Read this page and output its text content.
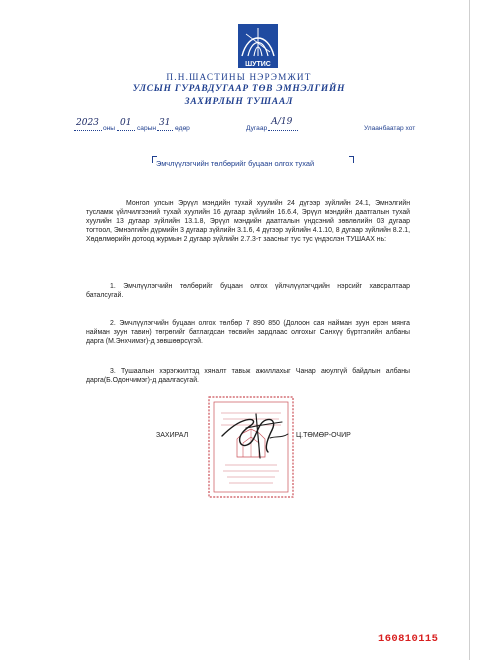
ШУТИС
П.Н.ШАСТИНЫ НЭРЭМЖИТ
УЛСЫН ГУРАВДУГААР ТӨВ ЭМНЭЛГИЙН
ЗАХИРЛЫН ТУШААЛ
2023
оны
01
сарын
31
өдөр	Дугаар
А/19
Улаанбаатар хот
Эмчлүүлэгчийн төлбөрийг буцаан олгох тухай

Монгол улсын Эрүүл мэндийн тухай хуулийн 24 дүгээр зүйлийн 24.1, Эмнэлгийн тусламж үйлчилгээний тухай хуулийн 16 дугаар зүйлийн 16.6.4, Эрүүл мэндийн даатгалын тухай хуулийн 13 дугаар зүйлийн 13.1.8, Эрүүл мэндийн даатгалын үндсэний зөвлөлийн 03 дугаар тогтоол, Эмнэлгийн дүрмийн 3 дугаар зүйлийн 3.1.6, 4 дүгээр зүйлийн 4.1.10, 8 дугаар зүйлийн 8.2.1, Хөдөлмөрийн дотоод журмын 2 дугаар зүйлийн 2.7.3-т заасныг тус тус үндэслэн ТУШААХ нь:

1. Эмчлүүлэгчийн төлбөрийг буцаан олгох үйлчлүүлэгчдийн нэрсийг хавсралтаар баталсугай.

2. Эмчлүүлэгчийн буцаан олгох төлбөр 7 890 850 (Долоон сая найман зуун ерэн мянга найман зуун тавин) төгрөгийг батлагдсан төсвийн зардлаас олгохыг Санхүү бүртгэлийн албаны дарга (М.Энхчимэг)-д зөвшөөрсүгэй.

3. Тушаалын хэрэгжилтэд хяналт тавьж ажиллахыг Чанар аюулгүй байдлын албаны дарга(Б.Одончимэг)-д даалгасугай.

ЗАХИРАЛ	Ц.ТӨМӨР-ОЧИР
160810115
